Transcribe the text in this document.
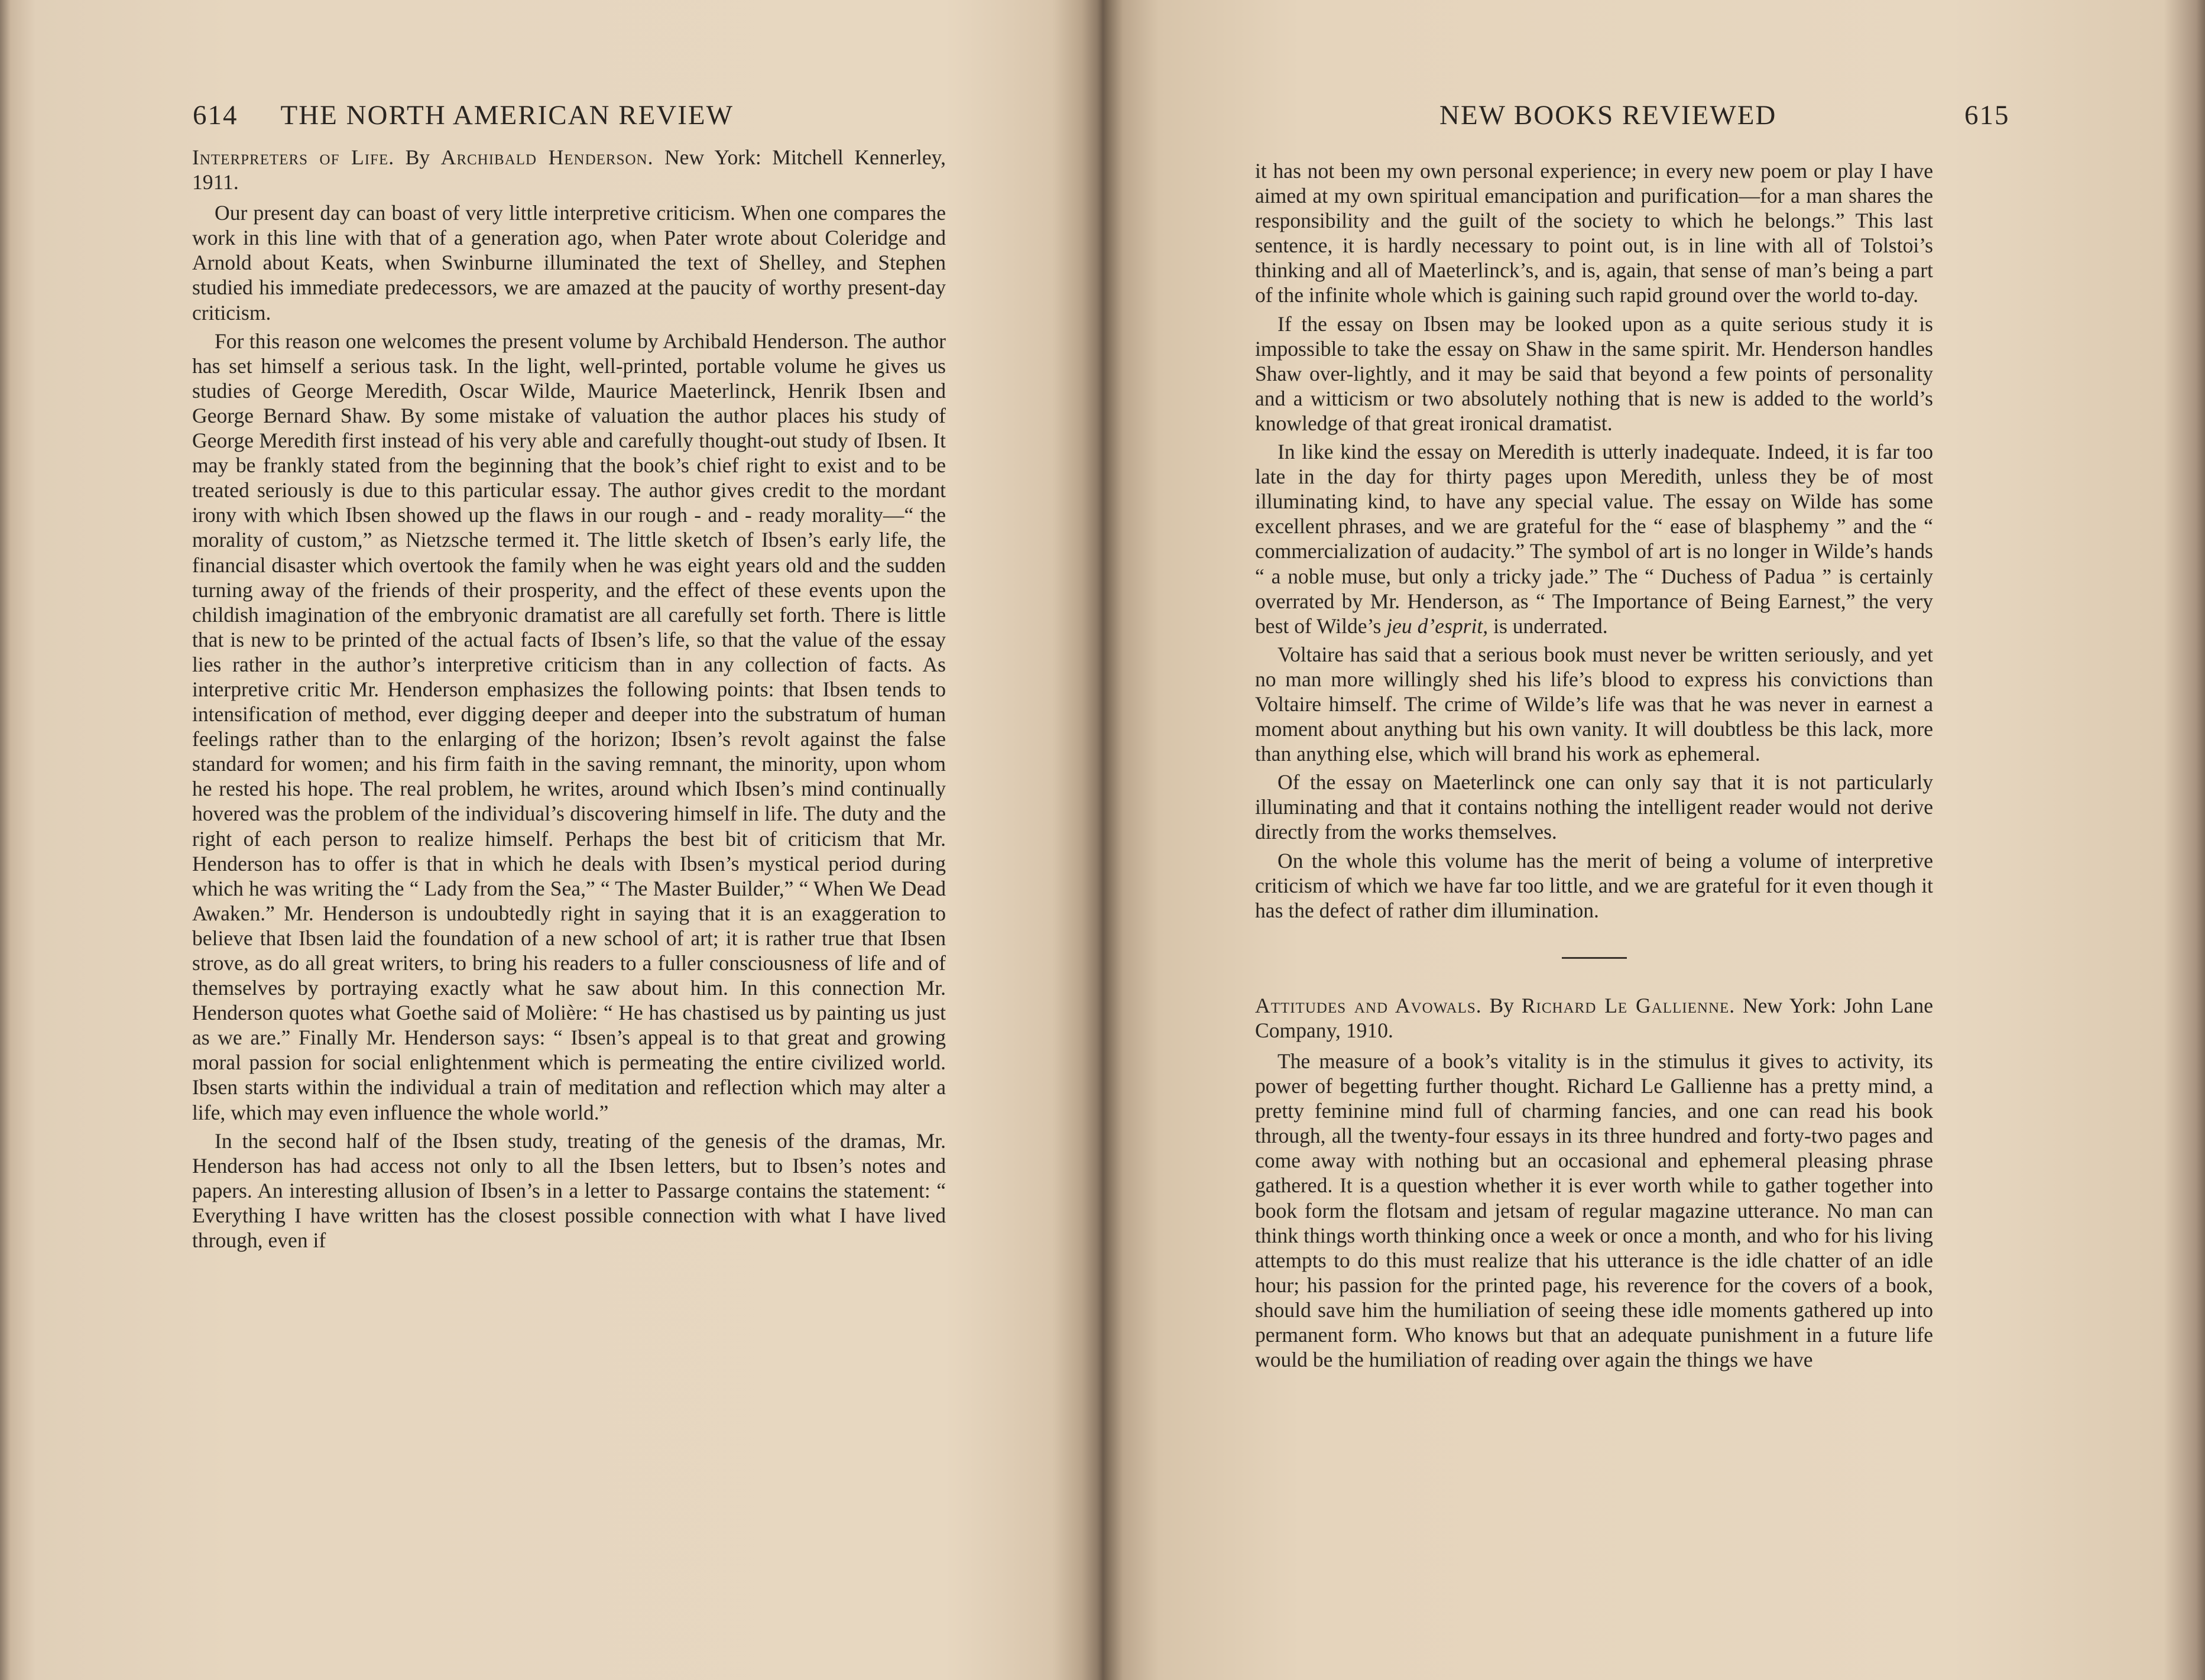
614 THE NORTH AMERICAN REVIEW

Interpreters of Life. By Archibald Henderson. New York: Mitchell Kennerley, 1911.

Our present day can boast of very little interpretive criticism. When one compares the work in this line with that of a generation ago, when Pater wrote about Coleridge and Arnold about Keats, when Swinburne illuminated the text of Shelley, and Stephen studied his immediate predecessors, we are amazed at the paucity of worthy present-day criticism.

For this reason one welcomes the present volume by Archibald Henderson. The author has set himself a serious task. In the light, well-printed, portable volume he gives us studies of George Meredith, Oscar Wilde, Maurice Maeterlinck, Henrik Ibsen and George Bernard Shaw. By some mistake of valuation the author places his study of George Meredith first instead of his very able and carefully thought-out study of Ibsen. It may be frankly stated from the beginning that the book’s chief right to exist and to be treated seriously is due to this particular essay. The author gives credit to the mordant irony with which Ibsen showed up the flaws in our rough - and - ready morality—“ the morality of custom,” as Nietzsche termed it. The little sketch of Ibsen’s early life, the financial disaster which overtook the family when he was eight years old and the sudden turning away of the friends of their prosperity, and the effect of these events upon the childish imagination of the embryonic dramatist are all carefully set forth. There is little that is new to be printed of the actual facts of Ibsen’s life, so that the value of the essay lies rather in the author’s interpretive criticism than in any collection of facts. As interpretive critic Mr. Henderson emphasizes the following points: that Ibsen tends to intensification of method, ever digging deeper and deeper into the substratum of human feelings rather than to the enlarging of the horizon; Ibsen’s revolt against the false standard for women; and his firm faith in the saving remnant, the minority, upon whom he rested his hope. The real problem, he writes, around which Ibsen’s mind continually hovered was the problem of the individual’s discovering himself in life. The duty and the right of each person to realize himself. Perhaps the best bit of criticism that Mr. Henderson has to offer is that in which he deals with Ibsen’s mystical period during which he was writing the “ Lady from the Sea,” “ The Master Builder,” “ When We Dead Awaken.” Mr. Henderson is undoubtedly right in saying that it is an exaggeration to believe that Ibsen laid the foundation of a new school of art; it is rather true that Ibsen strove, as do all great writers, to bring his readers to a fuller consciousness of life and of themselves by portraying exactly what he saw about him. In this connection Mr. Henderson quotes what Goethe said of Molière: “ He has chastised us by painting us just as we are.” Finally Mr. Henderson says: “ Ibsen’s appeal is to that great and growing moral passion for social enlightenment which is permeating the entire civilized world. Ibsen starts within the individual a train of meditation and reflection which may alter a life, which may even influence the whole world.”

In the second half of the Ibsen study, treating of the genesis of the dramas, Mr. Henderson has had access not only to all the Ibsen letters, but to Ibsen’s notes and papers. An interesting allusion of Ibsen’s in a letter to Passarge contains the statement: “ Everything I have written has the closest possible connection with what I have lived through, even if

NEW BOOKS REVIEWED	615

it has not been my own personal experience; in every new poem or play I have aimed at my own spiritual emancipation and purification—for a man shares the responsibility and the guilt of the society to which he belongs.” This last sentence, it is hardly necessary to point out, is in line with all of Tolstoi’s thinking and all of Maeterlinck’s, and is, again, that sense of man’s being a part of the infinite whole which is gaining such rapid ground over the world to-day.

If the essay on Ibsen may be looked upon as a quite serious study it is impossible to take the essay on Shaw in the same spirit. Mr. Henderson handles Shaw over-lightly, and it may be said that beyond a few points of personality and a witticism or two absolutely nothing that is new is added to the world’s knowledge of that great ironical dramatist.

In like kind the essay on Meredith is utterly inadequate. Indeed, it is far too late in the day for thirty pages upon Meredith, unless they be of most illuminating kind, to have any special value. The essay on Wilde has some excellent phrases, and we are grateful for the “ ease of blasphemy ” and the “ commercialization of audacity.” The symbol of art is no longer in Wilde’s hands “ a noble muse, but only a tricky jade.” The “ Duchess of Padua ” is certainly overrated by Mr. Henderson, as “ The Importance of Being Earnest,” the very best of Wilde’s jeu d’esprit, is underrated.

Voltaire has said that a serious book must never be written seriously, and yet no man more willingly shed his life’s blood to express his convictions than Voltaire himself. The crime of Wilde’s life was that he was never in earnest a moment about anything but his own vanity. It will doubtless be this lack, more than anything else, which will brand his work as ephemeral.

Of the essay on Maeterlinck one can only say that it is not particularly illuminating and that it contains nothing the intelligent reader would not derive directly from the works themselves.

On the whole this volume has the merit of being a volume of interpretive criticism of which we have far too little, and we are grateful for it even though it has the defect of rather dim illumination.

Attitudes and Avowals. By Richard Le Gallienne. New York: John Lane Company, 1910.

The measure of a book’s vitality is in the stimulus it gives to activity, its power of begetting further thought. Richard Le Gallienne has a pretty mind, a pretty feminine mind full of charming fancies, and one can read his book through, all the twenty-four essays in its three hundred and forty-two pages and come away with nothing but an occasional and ephemeral pleasing phrase gathered. It is a question whether it is ever worth while to gather together into book form the flotsam and jetsam of regular magazine utterance. No man can think things worth thinking once a week or once a month, and who for his living attempts to do this must realize that his utterance is the idle chatter of an idle hour; his passion for the printed page, his reverence for the covers of a book, should save him the humiliation of seeing these idle moments gathered up into permanent form. Who knows but that an adequate punishment in a future life would be the humiliation of reading over again the things we have
